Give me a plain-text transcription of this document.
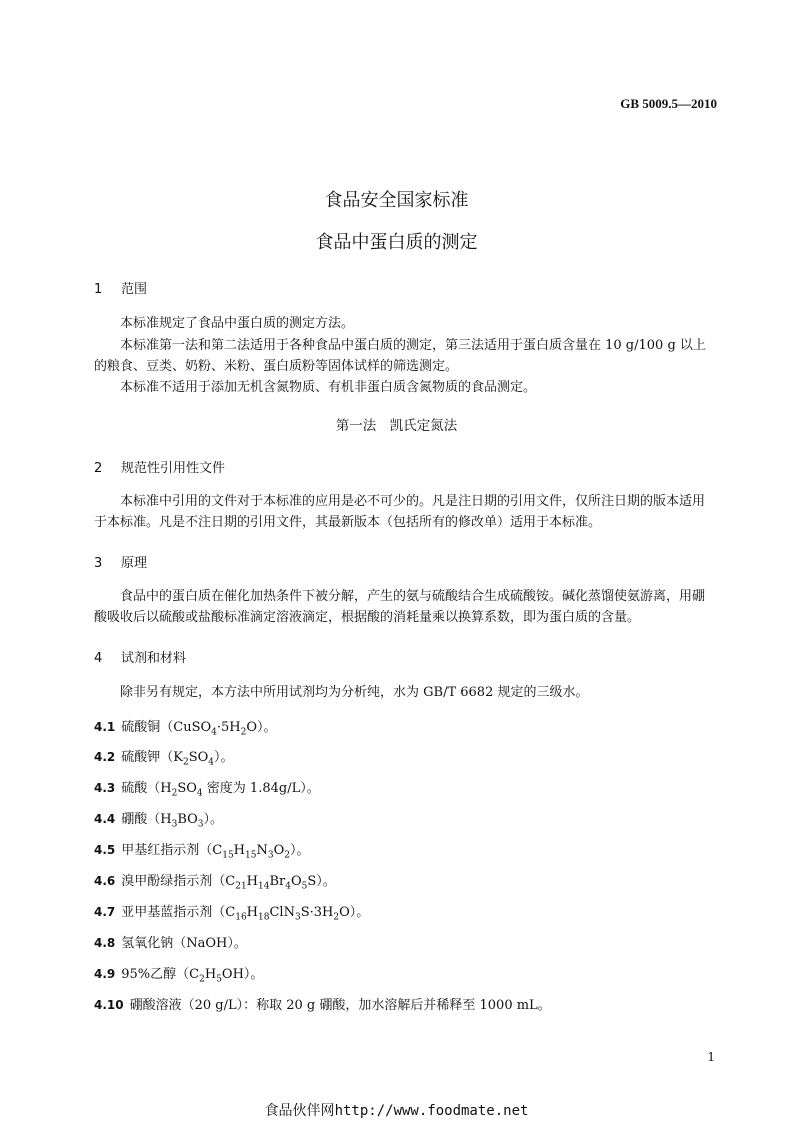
GB 5009.5—2010
食品安全国家标准
食品中蛋白质的测定
1 范围
本标准规定了食品中蛋白质的测定方法。
本标准第一法和第二法适用于各种食品中蛋白质的测定，第三法适用于蛋白质含量在 10 g/100 g 以上的粮食、豆类、奶粉、米粉、蛋白质粉等固体试样的筛选测定。
本标准不适用于添加无机含氮物质、有机非蛋白质含氮物质的食品测定。
第一法　凯氏定氮法
2 规范性引用性文件
本标准中引用的文件对于本标准的应用是必不可少的。凡是注日期的引用文件，仅所注日期的版本适用于本标准。凡是不注日期的引用文件，其最新版本（包括所有的修改单）适用于本标准。
3 原理
食品中的蛋白质在催化加热条件下被分解，产生的氨与硫酸结合生成硫酸铵。碱化蒸馏使氨游离，用硼酸吸收后以硫酸或盐酸标准滴定溶液滴定，根据酸的消耗量乘以换算系数，即为蛋白质的含量。
4 试剂和材料
除非另有规定，本方法中所用试剂均为分析纯，水为 GB/T 6682 规定的三级水。
4.1 硫酸铜$(CuSO_4\cdot 5H_2O)$。
4.2 硫酸钾$(K_2SO_4)$。
4.3 硫酸（$H_2SO_4$ 密度为 1.84g/L）。
4.4 硼酸$(H_3BO_3)$。
4.5 甲基红指示剂$(C_{15}H_{15}N_3O_2)$。
4.6 溴甲酚绿指示剂$(C_{21}H_{14}Br_4O_5S)$。
4.7 亚甲基蓝指示剂$(C_{16}H_{18}ClN_3S\cdot 3H_2O)$。
4.8 氢氧化钠（NaOH）。
4.9 95%乙醇$(C_2H_5OH)$。
4.10 硼酸溶液（20 g/L）：称取 20 g 硼酸，加水溶解后并稀释至 1000 mL。
1
食品伙伴网http://www.foodmate.net
